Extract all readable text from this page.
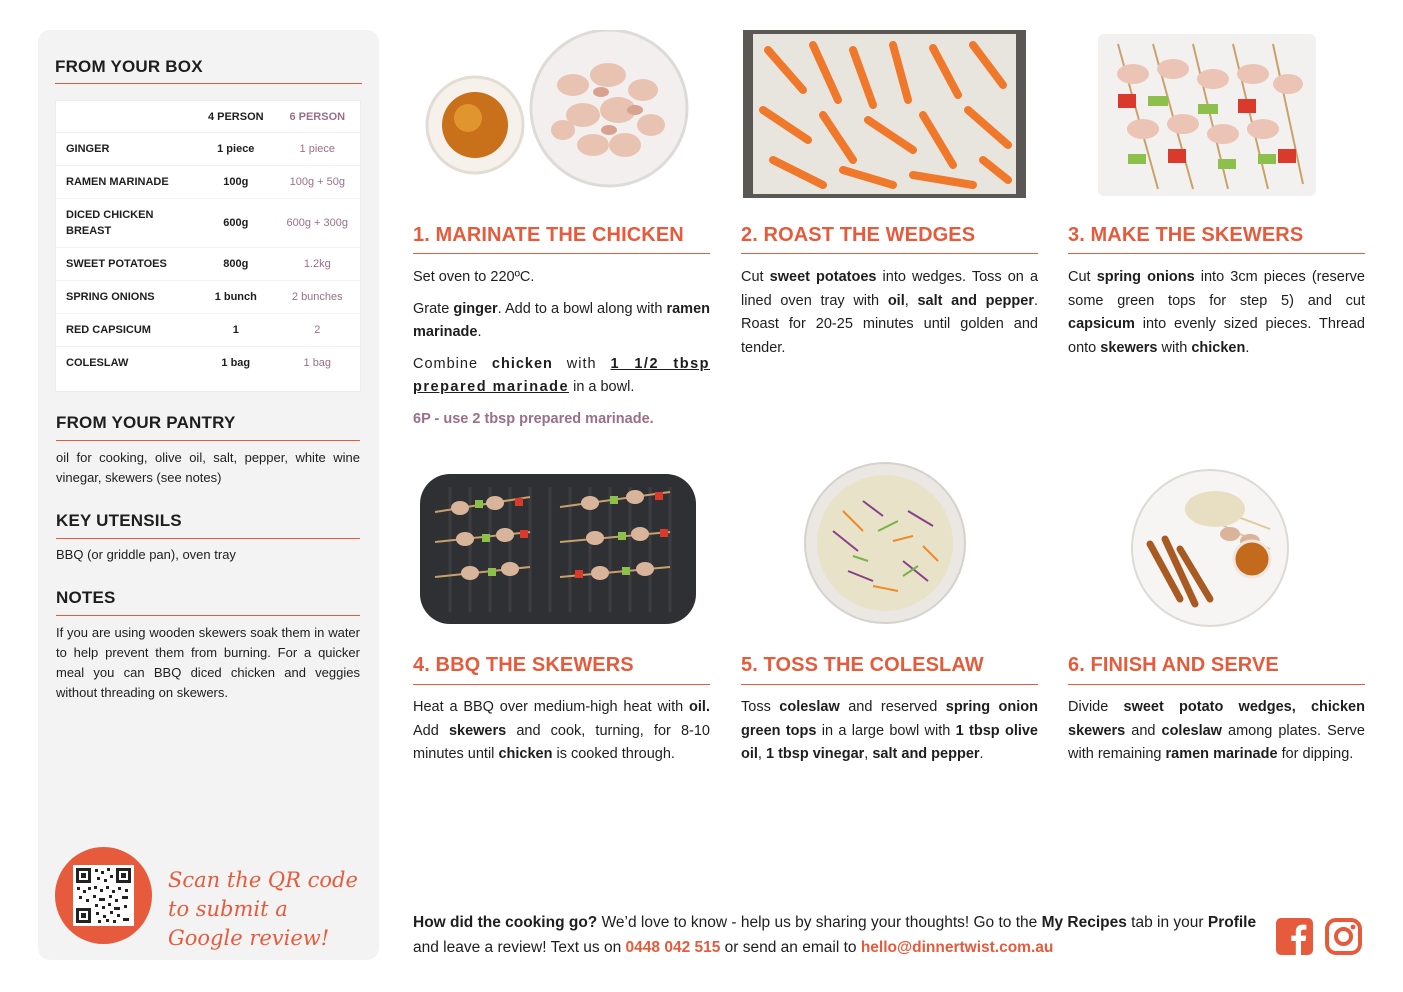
FROM YOUR BOX
	4 PERSON	6 PERSON
GINGER	1 piece	1 piece
RAMEN MARINADE	100g	100g + 50g
DICED CHICKEN BREAST	600g	600g + 300g
SWEET POTATOES	800g	1.2kg
SPRING ONIONS	1 bunch	2 bunches
RED CAPSICUM	1	2
COLESLAW	1 bag	1 bag
FROM YOUR PANTRY
oil for cooking, olive oil, salt, pepper, white wine vinegar, skewers (see notes)
KEY UTENSILS
BBQ (or griddle pan), oven tray
NOTES
If you are using wooden skewers soak them in water to help prevent them from burning. For a quicker meal you can BBQ diced chicken and veggies without threading on skewers.
Scan the QR code to submit a Google review!
1. MARINATE THE CHICKEN

Set oven to 220ºC.

Grate ginger. Add to a bowl along with ramen marinade.

Combine chicken with 1 1/2 tbsp prepared marinade in a bowl.

6P - use 2 tbsp prepared marinade.

2. ROAST THE WEDGES

Cut sweet potatoes into wedges. Toss on a lined oven tray with oil, salt and pepper. Roast for 20-25 minutes until golden and tender.

3. MAKE THE SKEWERS

Cut spring onions into 3cm pieces (reserve some green tops for step 5) and cut capsicum into evenly sized pieces. Thread onto skewers with chicken.

4. BBQ THE SKEWERS

Heat a BBQ over medium-high heat with oil. Add skewers and cook, turning, for 8-10 minutes until chicken is cooked through.

5. TOSS THE COLESLAW

Toss coleslaw and reserved spring onion green tops in a large bowl with 1 tbsp olive oil, 1 tbsp vinegar, salt and pepper.

6. FINISH AND SERVE

Divide sweet potato wedges, chicken skewers and coleslaw among plates. Serve with remaining ramen marinade for dipping.

How did the cooking go? We’d love to know - help us by sharing your thoughts! Go to the My Recipes tab in your Profile and leave a review! Text us on 0448 042 515 or send an email to hello@dinnertwist.com.au
